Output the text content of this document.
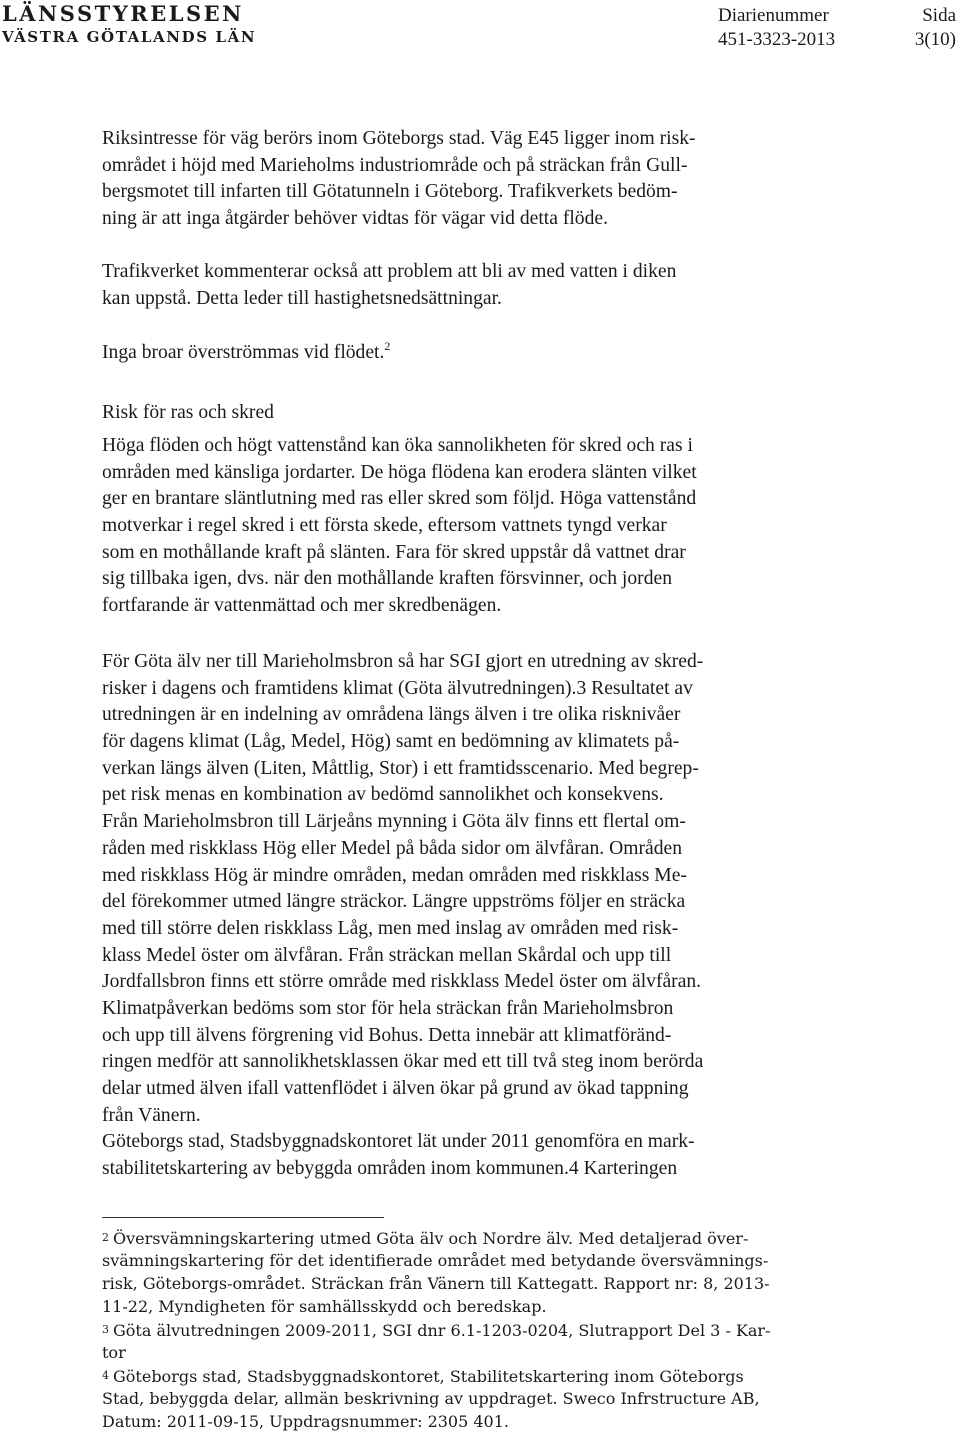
LÄNSSTYRELSEN
VÄSTRA GÖTALANDS LÄN
Diarienummer
451-3323-2013
Sida
3(10)
Riksintresse för väg berörs inom Göteborgs stad. Väg E45 ligger inom risk-
området i höjd med Marieholms industriområde och på sträckan från Gull-
bergsmotet till infarten till Götatunneln i Göteborg. Trafikverkets bedöm-
ning är att inga åtgärder behöver vidtas för vägar vid detta flöde.
Trafikverket kommenterar också att problem att bli av med vatten i diken
kan uppstå. Detta leder till hastighetsnedsättningar.
Inga broar överströmmas vid flödet.$^2$
Risk för ras och skred
Höga flöden och högt vattenstånd kan öka sannolikheten för skred och ras i
områden med känsliga jordarter. De höga flödena kan erodera slänten vilket
ger en brantare släntlutning med ras eller skred som följd. Höga vattenstånd
motverkar i regel skred i ett första skede, eftersom vattnets tyngd verkar
som en mothållande kraft på slänten. Fara för skred uppstår då vattnet drar
sig tillbaka igen, dvs. när den mothållande kraften försvinner, och jorden
fortfarande är vattenmättad och mer skredbenägen.
För Göta älv ner till Marieholmsbron så har SGI gjort en utredning av skred-
risker i dagens och framtidens klimat (Göta älvutredningen).3 Resultatet av
utredningen är en indelning av områdena längs älven i tre olika risknivåer
för dagens klimat (Låg, Medel, Hög) samt en bedömning av klimatets på-
verkan längs älven (Liten, Måttlig, Stor) i ett framtidsscenario. Med begrep-
pet risk menas en kombination av bedömd sannolikhet och konsekvens.
Från Marieholmsbron till Lärjeåns mynning i Göta älv finns ett flertal om-
råden med riskklass Hög eller Medel på båda sidor om älvfåran. Områden
med riskklass Hög är mindre områden, medan områden med riskklass Me-
del förekommer utmed längre sträckor. Längre uppströms följer en sträcka
med till större delen riskklass Låg, men med inslag av områden med risk-
klass Medel öster om älvfåran. Från sträckan mellan Skårdal och upp till
Jordfallsbron finns ett större område med riskklass Medel öster om älvfåran.
Klimatpåverkan bedöms som stor för hela sträckan från Marieholmsbron
och upp till älvens förgrening vid Bohus. Detta innebär att klimatföränd-
ringen medför att sannolikhetsklassen ökar med ett till två steg inom berörda
delar utmed älven ifall vattenflödet i älven ökar på grund av ökad tappning
från Vänern.
Göteborgs stad, Stadsbyggnadskontoret lät under 2011 genomföra en mark-
stabilitetskartering av bebyggda områden inom kommunen.4 Karteringen
2 Översvämningskartering utmed Göta älv och Nordre älv. Med detaljerad över-
svämningskartering för det identifierade området med betydande översvämnings-
risk, Göteborgs-området. Sträckan från Vänern till Kattegatt. Rapport nr: 8, 2013-
11-22, Myndigheten för samhällsskydd och beredskap.
3 Göta älvutredningen 2009-2011, SGI dnr 6.1-1203-0204, Slutrapport Del 3 - Kar-
tor
4 Göteborgs stad, Stadsbyggnadskontoret, Stabilitetskartering inom Göteborgs
Stad, bebyggda delar, allmän beskrivning av uppdraget. Sweco Infrstructure AB,
Datum: 2011-09-15, Uppdragsnummer: 2305 401.
